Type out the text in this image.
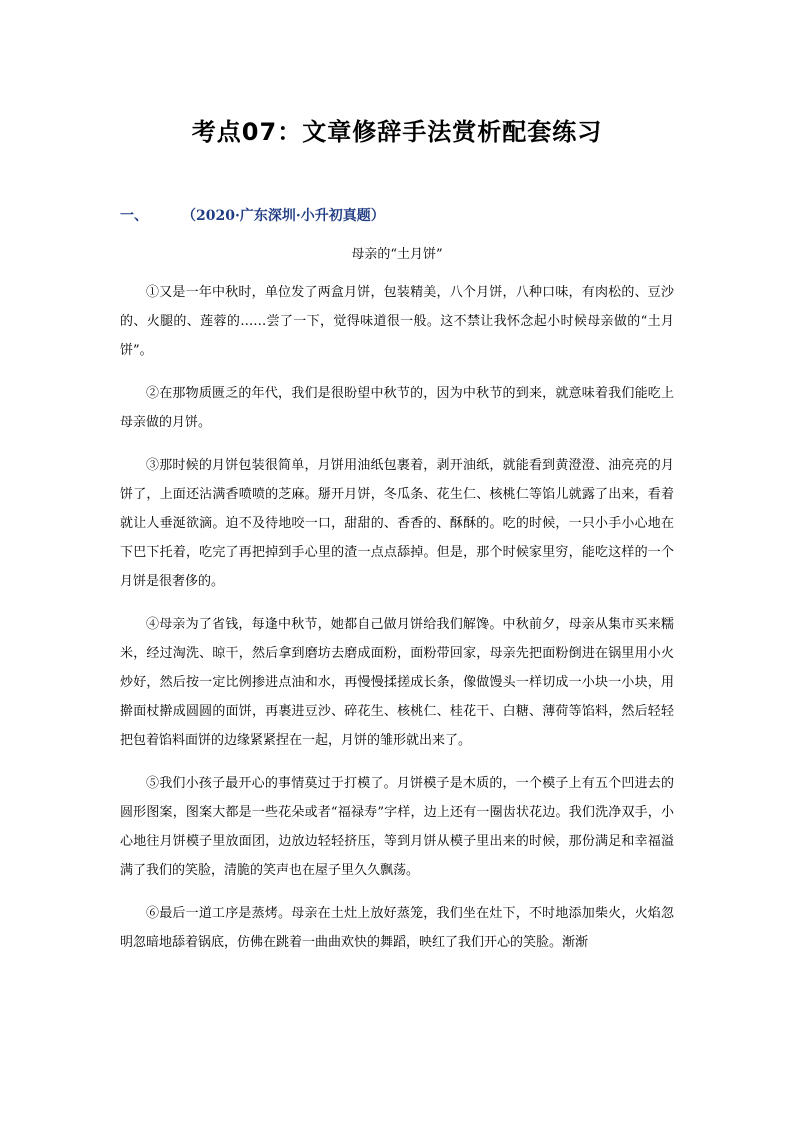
考点07：文章修辞手法赏析配套练习
一、 （2020·广东深圳·小升初真题）
母亲的“土月饼”

①又是一年中秋时，单位发了两盒月饼，包装精美，八个月饼，八种口味，有肉松的、豆沙的、火腿的、莲蓉的……尝了一下，觉得味道很一般。这不禁让我怀念起小时候母亲做的“土月饼”。

②在那物质匮乏的年代，我们是很盼望中秋节的，因为中秋节的到来，就意味着我们能吃上母亲做的月饼。

③那时候的月饼包装很简单，月饼用油纸包裹着，剥开油纸，就能看到黄澄澄、油亮亮的月饼了，上面还沾满香喷喷的芝麻。掰开月饼，冬瓜条、花生仁、核桃仁等馅儿就露了出来，看着就让人垂涎欲滴。迫不及待地咬一口，甜甜的、香香的、酥酥的。吃的时候，一只小手小心地在下巴下托着，吃完了再把掉到手心里的渣一点点舔掉。但是，那个时候家里穷，能吃这样的一个月饼是很奢侈的。

④母亲为了省钱，每逢中秋节，她都自己做月饼给我们解馋。中秋前夕，母亲从集市买来糯米，经过淘洗、晾干，然后拿到磨坊去磨成面粉，面粉带回家，母亲先把面粉倒进在锅里用小火炒好，然后按一定比例掺进点油和水，再慢慢揉搓成长条，像做馒头一样切成一小块一小块，用擀面杖擀成圆圆的面饼，再裹进豆沙、碎花生、核桃仁、桂花干、白糖、薄荷等馅料，然后轻轻把包着馅料面饼的边缘紧紧捏在一起，月饼的雏形就出来了。

⑤我们小孩子最开心的事情莫过于打模了。月饼模子是木质的，一个模子上有五个凹进去的圆形图案，图案大都是一些花朵或者“福禄寿”字样，边上还有一圈齿状花边。我们洗净双手，小心地往月饼模子里放面团，边放边轻轻挤压，等到月饼从模子里出来的时候，那份满足和幸福溢满了我们的笑脸，清脆的笑声也在屋子里久久飘荡。

⑥最后一道工序是蒸烤。母亲在土灶上放好蒸笼，我们坐在灶下，不时地添加柴火，火焰忽明忽暗地舔着锅底，仿佛在跳着一曲曲欢快的舞蹈，映红了我们开心的笑脸。渐渐
